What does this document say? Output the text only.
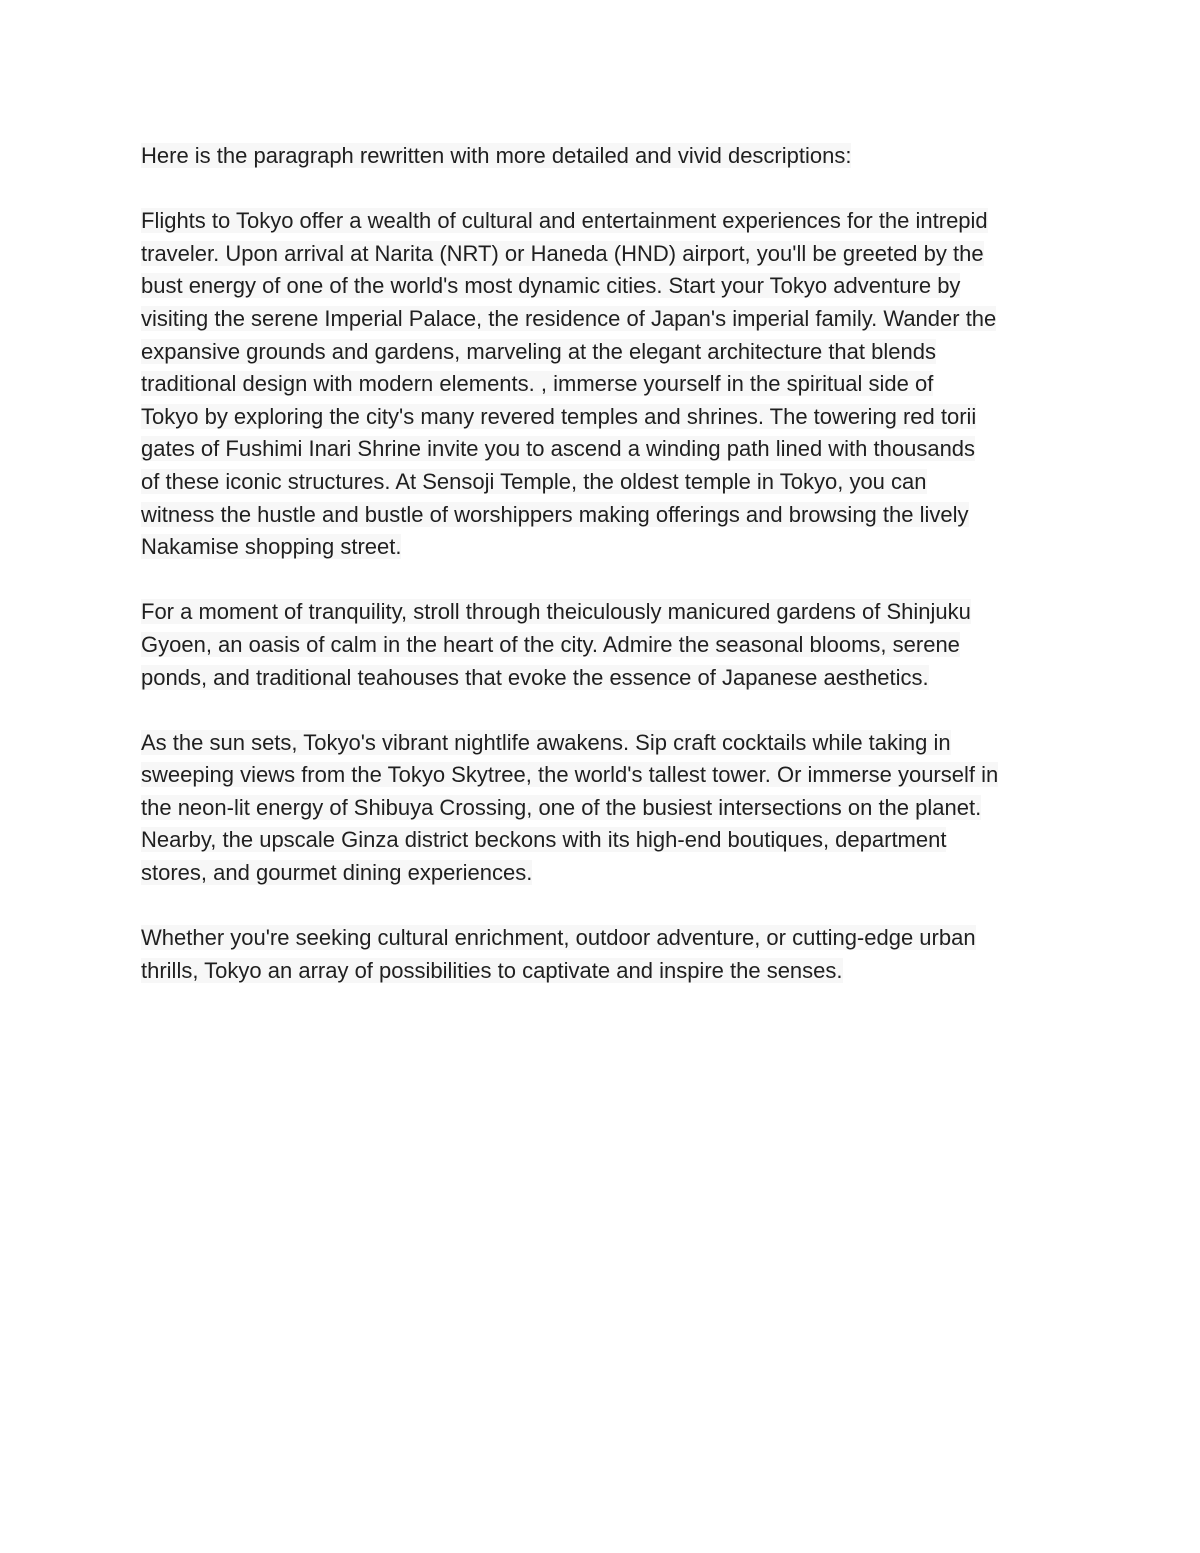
Here is the paragraph rewritten with more detailed and vivid descriptions:
Flights to Tokyo offer a wealth of cultural and entertainment experiences for the intrepid
traveler. Upon arrival at Narita (NRT) or Haneda (HND) airport, you'll be greeted by the
bust energy of one of the world's most dynamic cities. Start your Tokyo adventure by
visiting the serene Imperial Palace, the residence of Japan's imperial family. Wander the
expansive grounds and gardens, marveling at the elegant architecture that blends
traditional design with modern elements. , immerse yourself in the spiritual side of
Tokyo by exploring the city's many revered temples and shrines. The towering red torii
gates of Fushimi Inari Shrine invite you to ascend a winding path lined with thousands
of these iconic structures. At Sensoji Temple, the oldest temple in Tokyo, you can
witness the hustle and bustle of worshippers making offerings and browsing the lively
Nakamise shopping street.
For a moment of tranquility, stroll through theiculously manicured gardens of Shinjuku
Gyoen, an oasis of calm in the heart of the city. Admire the seasonal blooms, serene
ponds, and traditional teahouses that evoke the essence of Japanese aesthetics.
As the sun sets, Tokyo's vibrant nightlife awakens. Sip craft cocktails while taking in
sweeping views from the Tokyo Skytree, the world's tallest tower. Or immerse yourself in
the neon-lit energy of Shibuya Crossing, one of the busiest intersections on the planet.
Nearby, the upscale Ginza district beckons with its high-end boutiques, department
stores, and gourmet dining experiences.
Whether you're seeking cultural enrichment, outdoor adventure, or cutting-edge urban
thrills, Tokyo an array of possibilities to captivate and inspire the senses.
